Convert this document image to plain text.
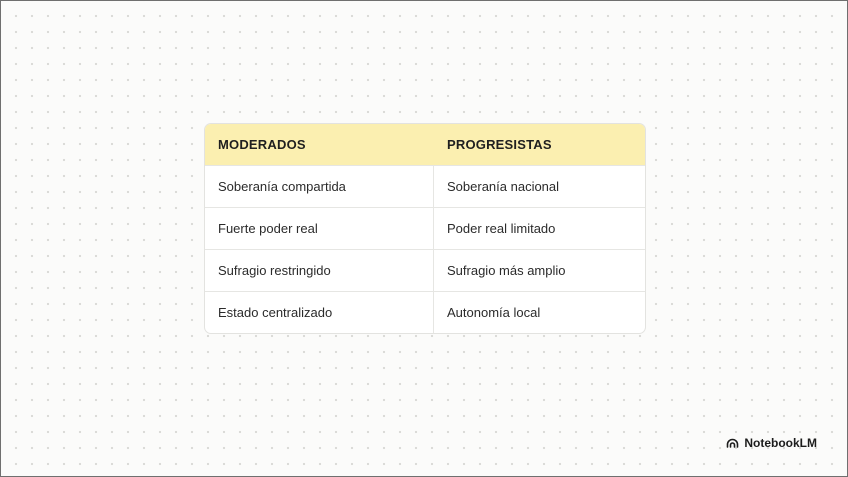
MODERADOS	PROGRESISTAS
Soberanía compartida	Soberanía nacional
Fuerte poder real	Poder real limitado
Sufragio restringido	Sufragio más amplio
Estado centralizado	Autonomía local
NotebookLM
